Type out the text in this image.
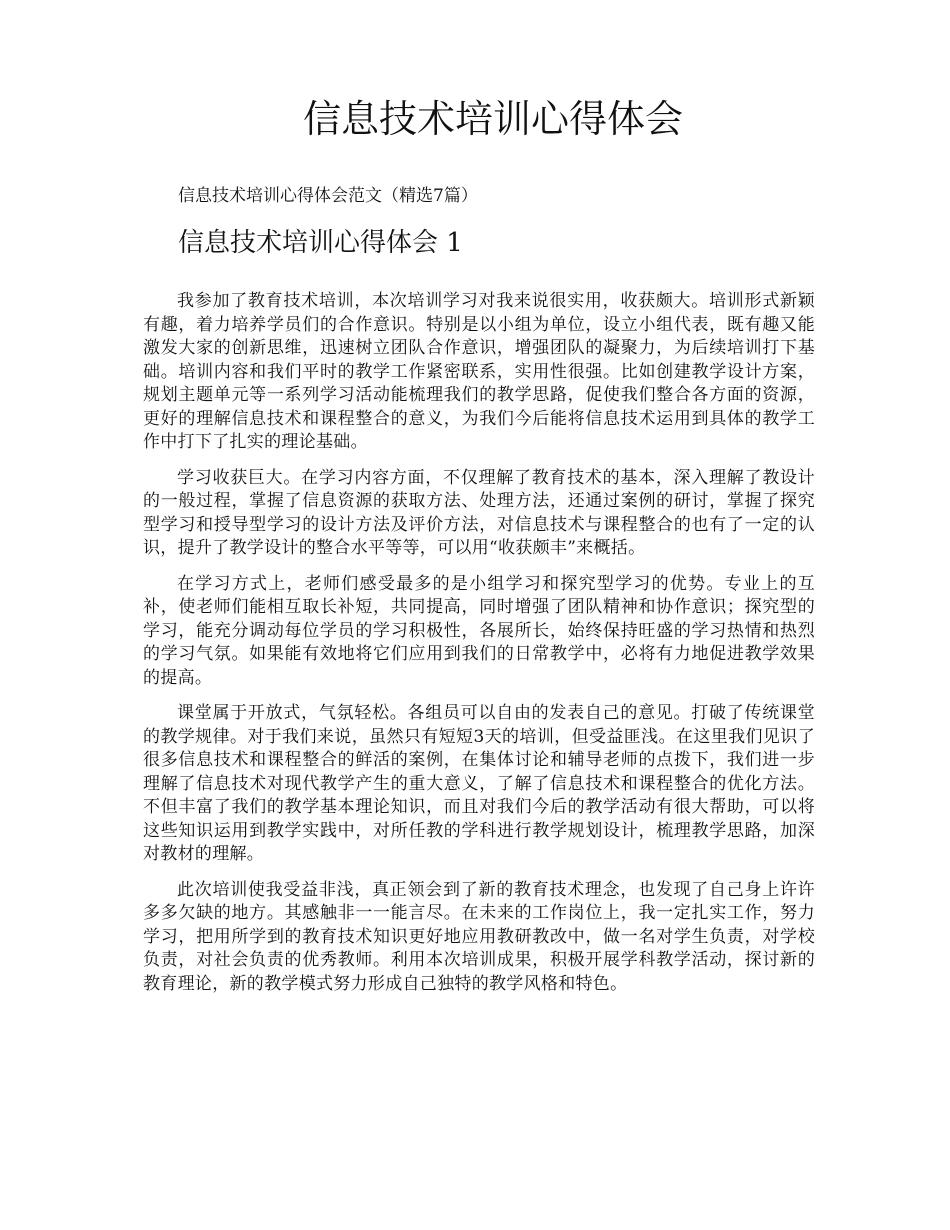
信息技术培训心得体会

信息技术培训心得体会范文（精选7篇）

信息技术培训心得体会 1

我参加了教育技术培训，本次培训学习对我来说很实用，收获颇大。培训形式新颖有趣，着力培养学员们的合作意识。特别是以小组为单位，设立小组代表，既有趣又能激发大家的创新思维，迅速树立团队合作意识，增强团队的凝聚力，为后续培训打下基础。培训内容和我们平时的教学工作紧密联系，实用性很强。比如创建教学设计方案，规划主题单元等一系列学习活动能梳理我们的教学思路，促使我们整合各方面的资源，更好的理解信息技术和课程整合的意义，为我们今后能将信息技术运用到具体的教学工作中打下了扎实的理论基础。

学习收获巨大。在学习内容方面，不仅理解了教育技术的基本，深入理解了教设计的一般过程，掌握了信息资源的获取方法、处理方法，还通过案例的研讨，掌握了探究型学习和授导型学习的设计方法及评价方法，对信息技术与课程整合的也有了一定的认识，提升了教学设计的整合水平等等，可以用“收获颇丰”来概括。

在学习方式上，老师们感受最多的是小组学习和探究型学习的优势。专业上的互补，使老师们能相互取长补短，共同提高，同时增强了团队精神和协作意识；探究型的学习，能充分调动每位学员的学习积极性，各展所长，始终保持旺盛的学习热情和热烈的学习气氛。如果能有效地将它们应用到我们的日常教学中，必将有力地促进教学效果的提高。

课堂属于开放式，气氛轻松。各组员可以自由的发表自己的意见。打破了传统课堂的教学规律。对于我们来说，虽然只有短短3天的培训，但受益匪浅。在这里我们见识了很多信息技术和课程整合的鲜活的案例，在集体讨论和辅导老师的点拨下，我们进一步理解了信息技术对现代教学产生的重大意义，了解了信息技术和课程整合的优化方法。不但丰富了我们的教学基本理论知识，而且对我们今后的教学活动有很大帮助，可以将这些知识运用到教学实践中，对所任教的学科进行教学规划设计，梳理教学思路，加深对教材的理解。

此次培训使我受益非浅，真正领会到了新的教育技术理念，也发现了自己身上许许多多欠缺的地方。其感触非一一能言尽。在未来的工作岗位上，我一定扎实工作，努力学习，把用所学到的教育技术知识更好地应用教研教改中，做一名对学生负责，对学校负责，对社会负责的优秀教师。利用本次培训成果，积极开展学科教学活动，探讨新的教育理论，新的教学模式努力形成自己独特的教学风格和特色。
